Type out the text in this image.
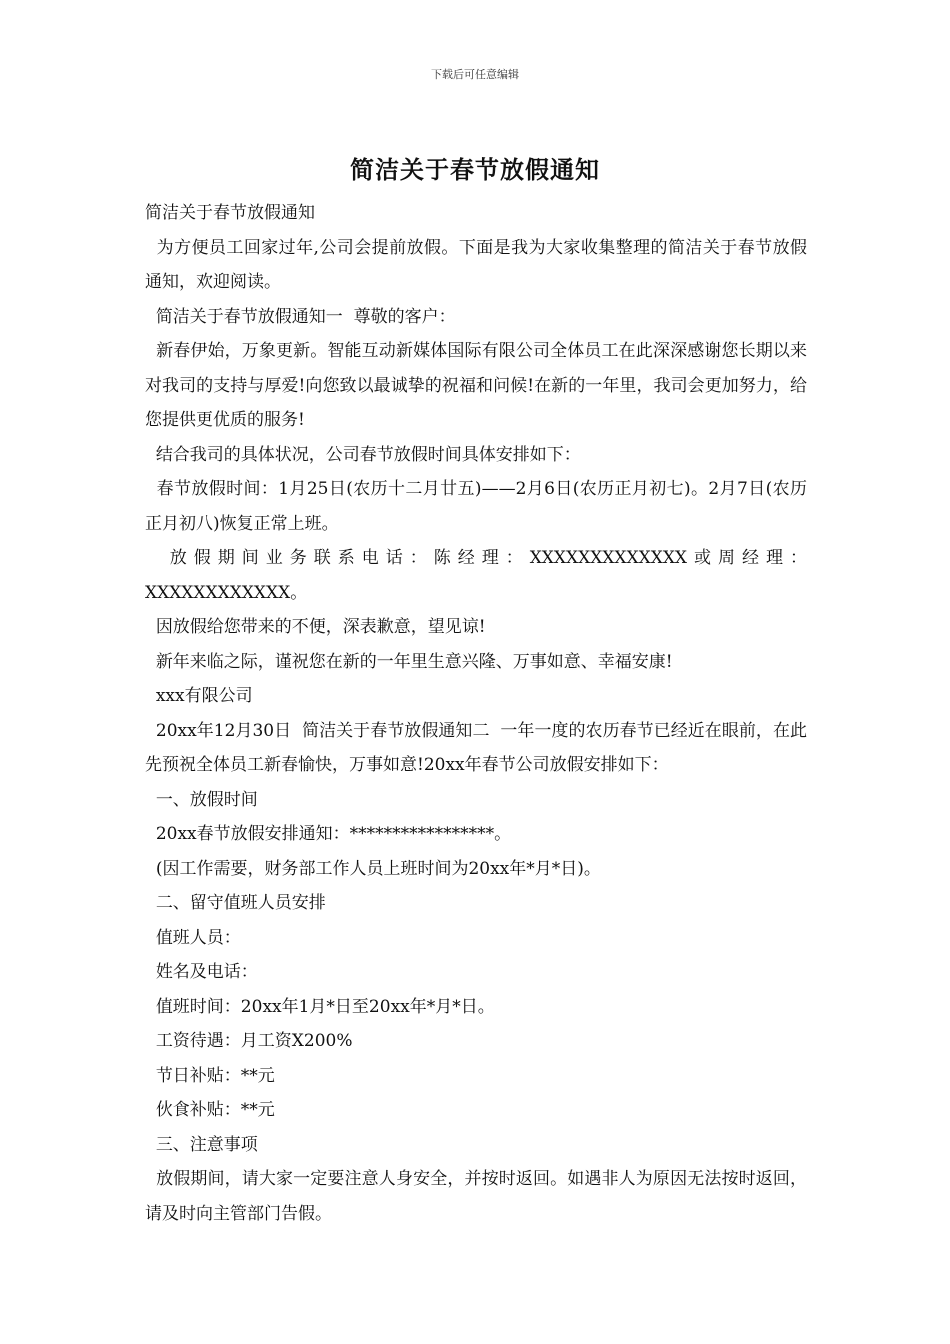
下载后可任意编辑
简洁关于春节放假通知

简洁关于春节放假通知

为方便员工回家过年,公司会提前放假。下面是我为大家收集整理的简洁关于春节放假通知，欢迎阅读。

简洁关于春节放假通知一  尊敬的客户：

新春伊始，万象更新。智能互动新媒体国际有限公司全体员工在此深深感谢您长期以来对我司的支持与厚爱!向您致以最诚挚的祝福和问候!在新的一年里，我司会更加努力，给您提供更优质的服务!

结合我司的具体状况，公司春节放假时间具体安排如下：

春节放假时间：1月25日(农历十二月廿五)——2月6日(农历正月初七)。2月7日(农历正月初八)恢复正常上班。

放假期间业务联系电话：陈经理：XXXXXXXXXXXXX或周经理：XXXXXXXXXXXX。

因放假给您带来的不便，深表歉意，望见谅!

新年来临之际，谨祝您在新的一年里生意兴隆、万事如意、幸福安康!

xxx有限公司

20xx年12月30日  简洁关于春节放假通知二  一年一度的农历春节已经近在眼前，在此先预祝全体员工新春愉快，万事如意!20xx年春节公司放假安排如下：

一、放假时间

20xx春节放假安排通知：*****************。

(因工作需要，财务部工作人员上班时间为20xx年*月*日)。

二、留守值班人员安排

值班人员：

姓名及电话：

值班时间：20xx年1月*日至20xx年*月*日。

工资待遇：月工资X200%

节日补贴：**元

伙食补贴：**元

三、注意事项

放假期间，请大家一定要注意人身安全，并按时返回。如遇非人为原因无法按时返回，请及时向主管部门告假。
